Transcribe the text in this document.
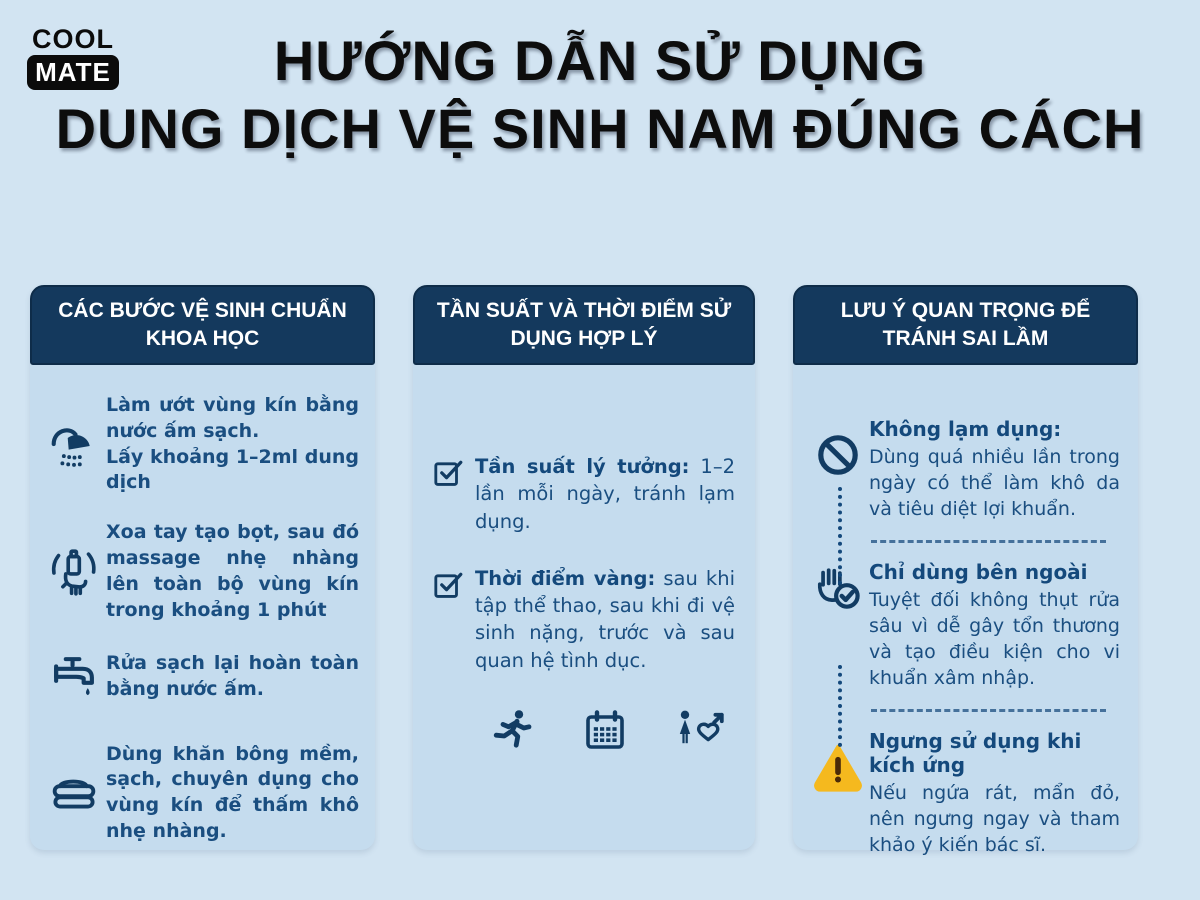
COOL
MATE	HƯỚNG DẪN SỬ DỤNG
DUNG DỊCH VỆ SINH NAM ĐÚNG CÁCH
CÁC BƯỚC VỆ SINH CHUẨN KHOA HỌC

Làm ướt vùng kín bằng nước ấm sạch.

Lấy khoảng 1–2ml dung dịch

Xoa tay tạo bọt, sau đó massage nhẹ nhàng lên toàn bộ vùng kín trong khoảng 1 phút

Rửa sạch lại hoàn toàn bằng nước ấm.

Dùng khăn bông mềm, sạch, chuyên dụng cho vùng kín để thấm khô nhẹ nhàng.

TẦN SUẤT VÀ THỜI ĐIỂM SỬ DỤNG HỢP LÝ

Tần suất lý tưởng: 1–2 lần mỗi ngày, tránh lạm dụng.

Thời điểm vàng: sau khi tập thể thao, sau khi đi vệ sinh nặng, trước và sau quan hệ tình dục.

LƯU Ý QUAN TRỌNG ĐỂ TRÁNH SAI LẦM

Không lạm dụng:

Dùng quá nhiều lần trong ngày có thể làm khô da và tiêu diệt lợi khuẩn.

Chỉ dùng bên ngoài

Tuyệt đối không thụt rửa sâu vì dễ gây tổn thương và tạo điều kiện cho vi khuẩn xâm nhập.

Ngưng sử dụng khi kích ứng

Nếu ngứa rát, mẩn đỏ, nên ngưng ngay và tham khảo ý kiến bác sĩ.
